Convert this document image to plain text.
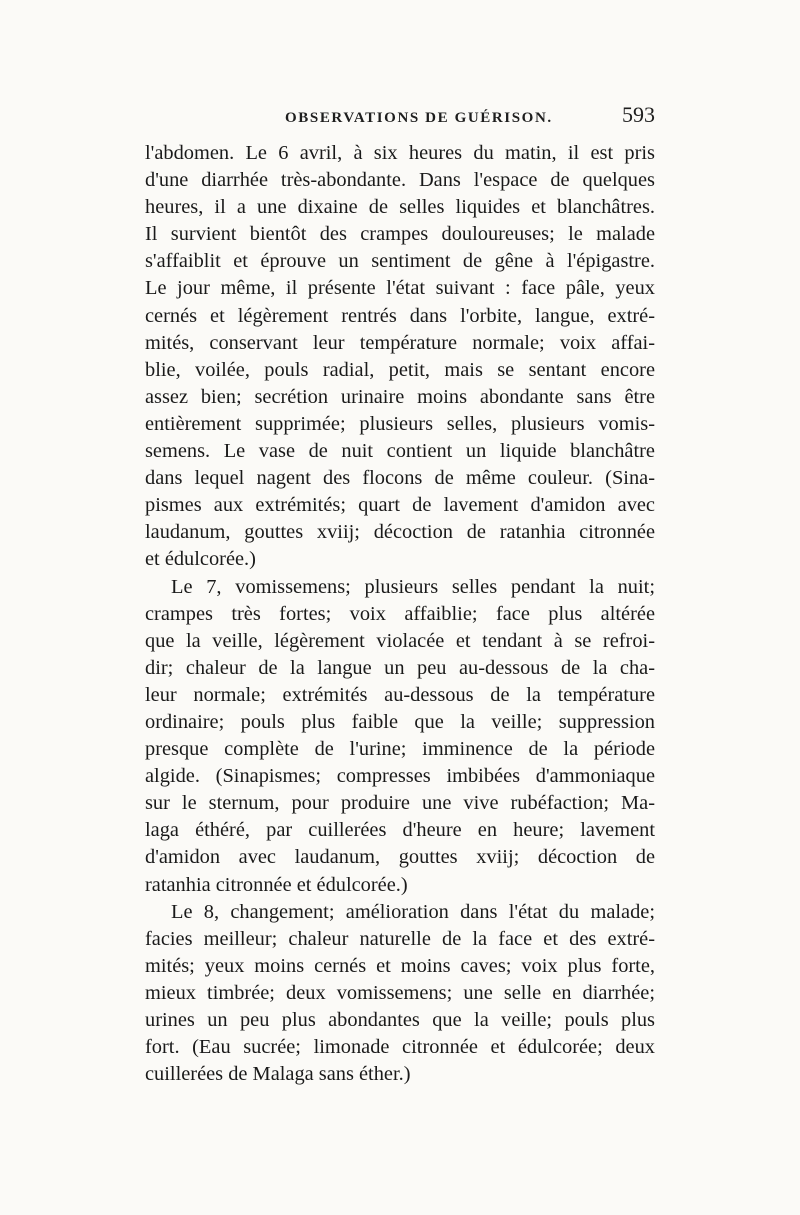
OBSERVATIONS DE GUÉRISON.	593
l'abdomen. Le 6 avril, à six heures du matin, il est pris
d'une diarrhée très-abondante. Dans l'espace de quelques
heures, il a une dixaine de selles liquides et blanchâtres.
Il survient bientôt des crampes douloureuses; le malade
s'affaiblit et éprouve un sentiment de gêne à l'épigastre.
Le jour même, il présente l'état suivant : face pâle, yeux
cernés et légèrement rentrés dans l'orbite, langue, extré-
mités, conservant leur température normale; voix affai-
blie, voilée, pouls radial, petit, mais se sentant encore
assez bien; secrétion urinaire moins abondante sans être
entièrement supprimée; plusieurs selles, plusieurs vomis-
semens. Le vase de nuit contient un liquide blanchâtre
dans lequel nagent des flocons de même couleur. (Sina-
pismes aux extrémités; quart de lavement d'amidon avec
laudanum, gouttes xviij; décoction de ratanhia citronnée
et édulcorée.)
Le 7, vomissemens; plusieurs selles pendant la nuit;
crampes très fortes; voix affaiblie; face plus altérée
que la veille, légèrement violacée et tendant à se refroi-
dir; chaleur de la langue un peu au-dessous de la cha-
leur normale; extrémités au-dessous de la température
ordinaire; pouls plus faible que la veille; suppression
presque complète de l'urine; imminence de la période
algide. (Sinapismes; compresses imbibées d'ammoniaque
sur le sternum, pour produire une vive rubéfaction; Ma-
laga éthéré, par cuillerées d'heure en heure; lavement
d'amidon avec laudanum, gouttes xviij; décoction de
ratanhia citronnée et édulcorée.)
Le 8, changement; amélioration dans l'état du malade;
facies meilleur; chaleur naturelle de la face et des extré-
mités; yeux moins cernés et moins caves; voix plus forte,
mieux timbrée; deux vomissemens; une selle en diarrhée;
urines un peu plus abondantes que la veille; pouls plus
fort. (Eau sucrée; limonade citronnée et édulcorée; deux
cuillerées de Malaga sans éther.)
